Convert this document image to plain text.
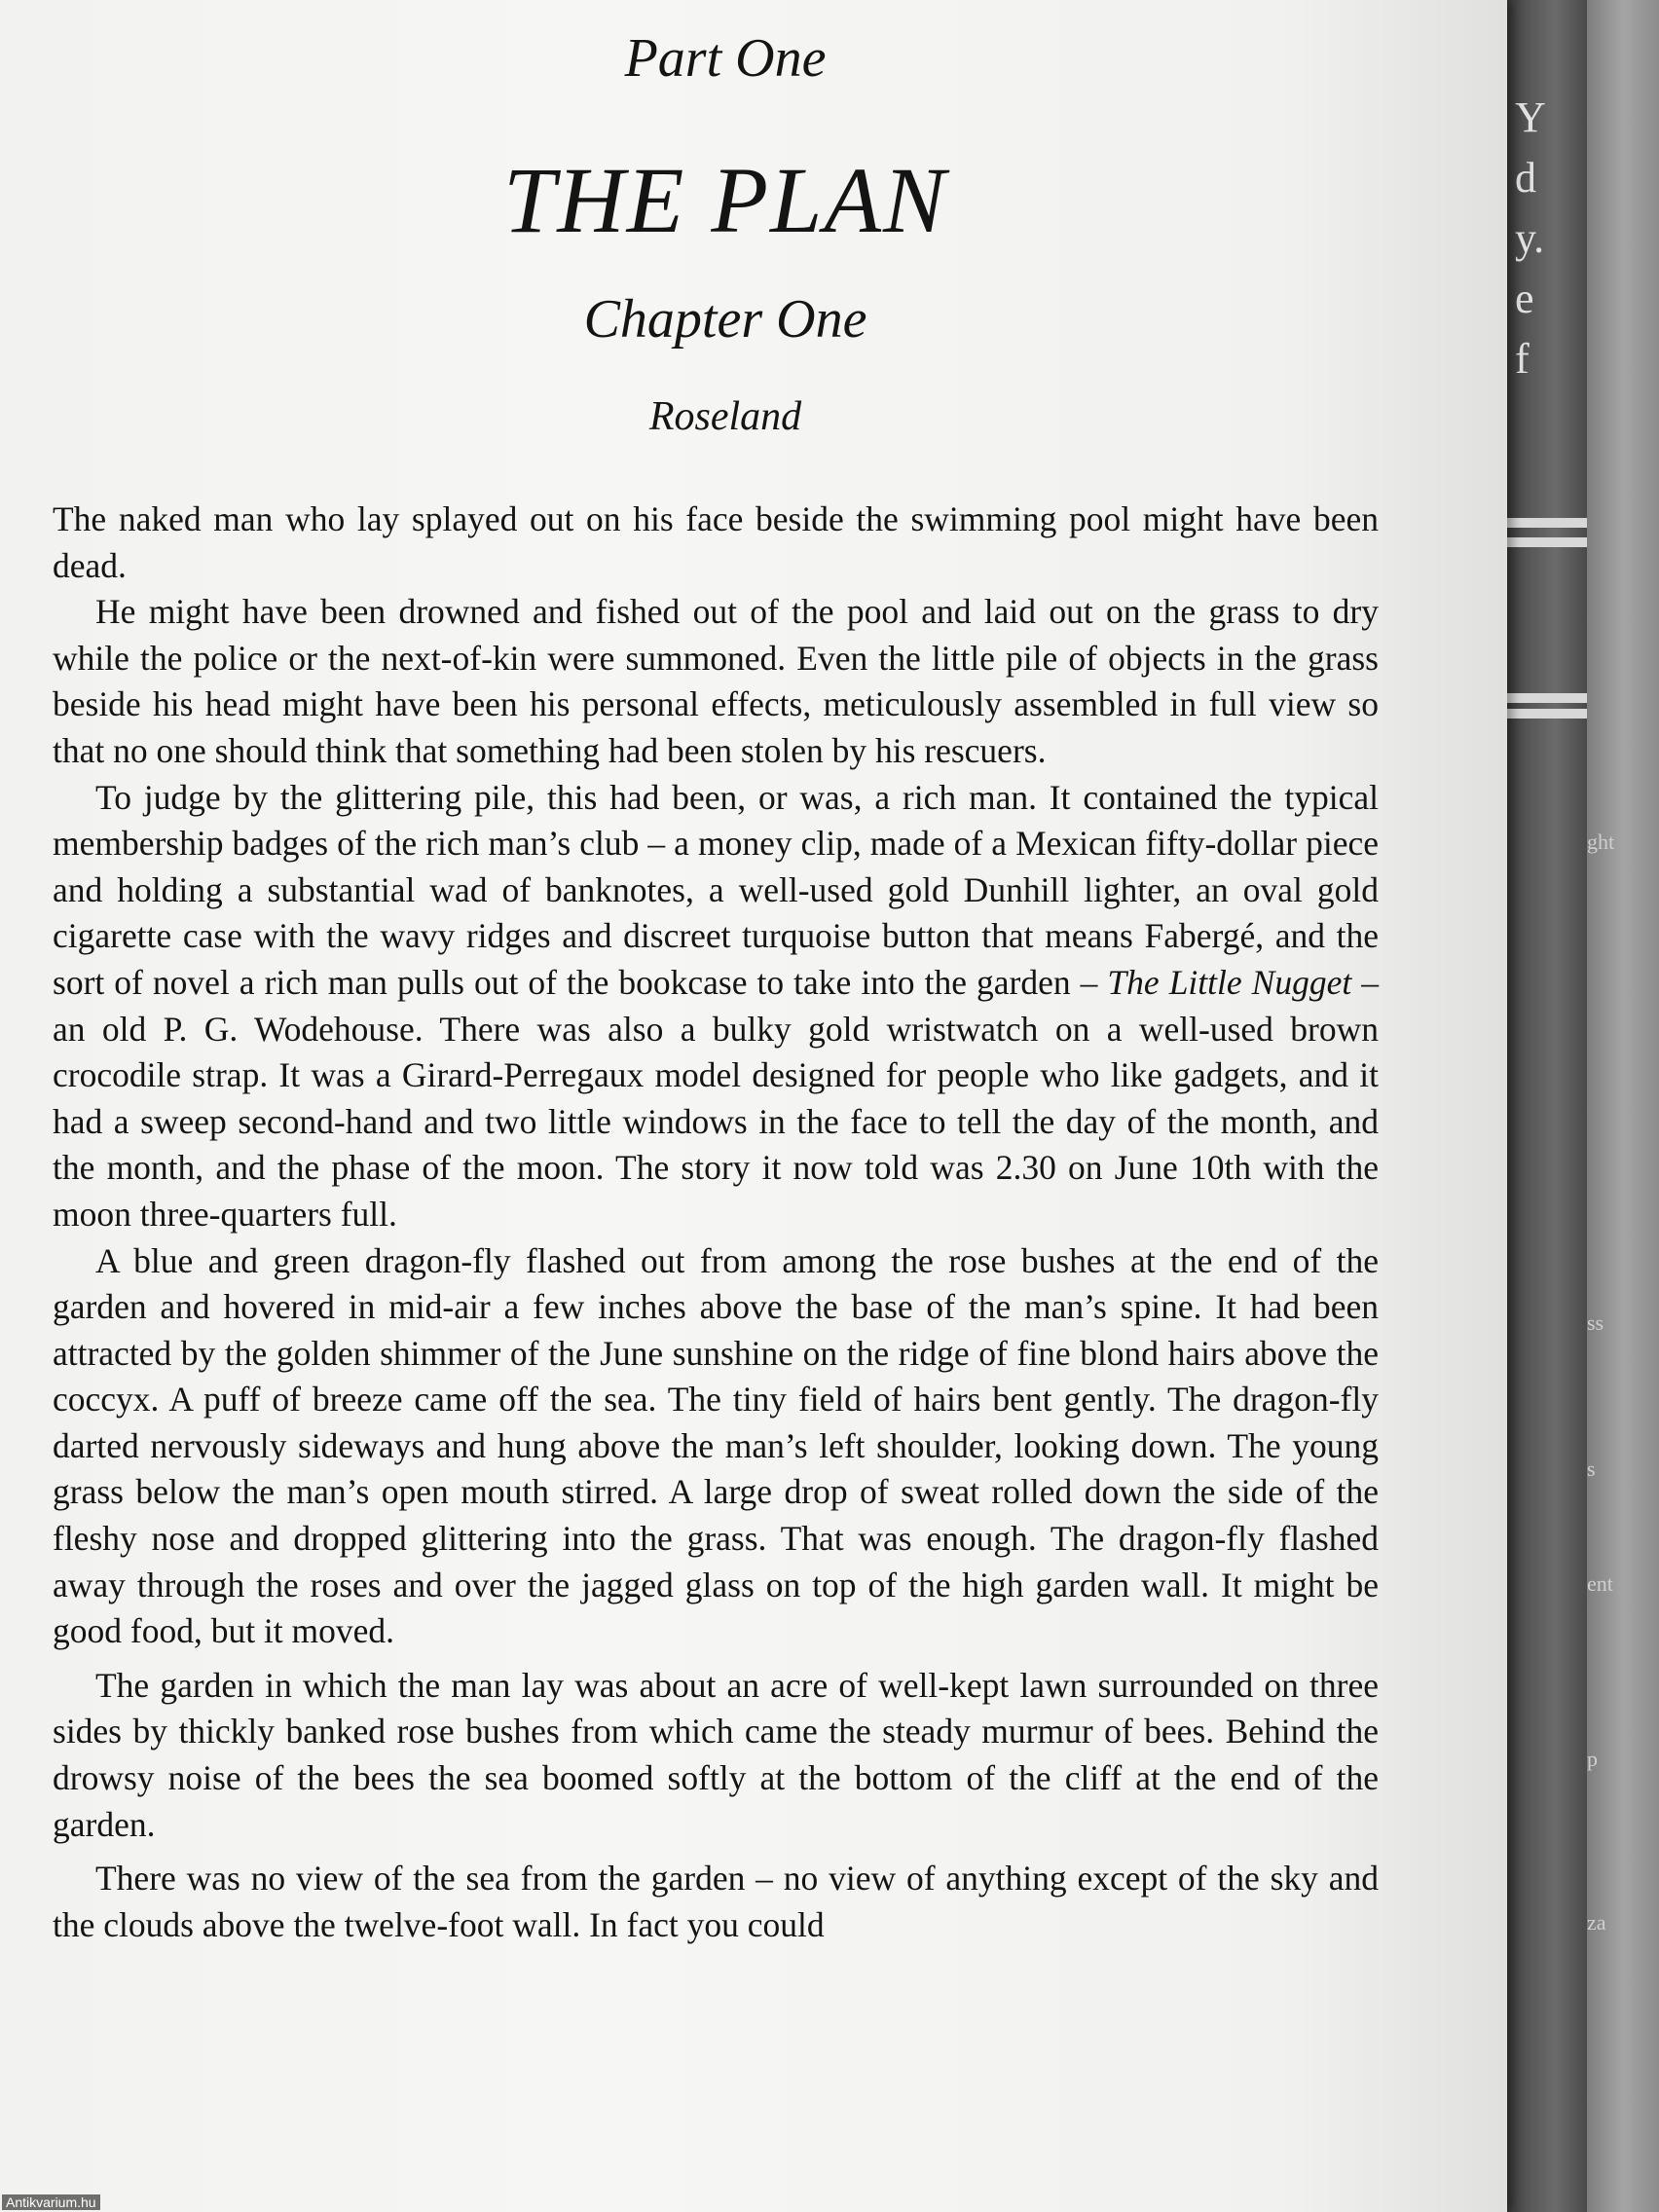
ght
ss
s
ent
p
za
Y
d
y.
e
f
Part One
THE PLAN
Chapter One
Roseland

The naked man who lay splayed out on his face beside the swimming pool might have been dead.

He might have been drowned and fished out of the pool and laid out on the grass to dry while the police or the next-of-kin were summoned. Even the little pile of objects in the grass beside his head might have been his personal effects, meticulously assembled in full view so that no one should think that something had been stolen by his rescuers.

To judge by the glittering pile, this had been, or was, a rich man. It contained the typical membership badges of the rich man’s club – a money clip, made of a Mexican fifty-dollar piece and holding a substantial wad of banknotes, a well-used gold Dunhill lighter, an oval gold cigarette case with the wavy ridges and discreet turquoise button that means Fabergé, and the sort of novel a rich man pulls out of the bookcase to take into the garden – The Little Nugget – an old P. G. Wodehouse. There was also a bulky gold wristwatch on a well-used brown crocodile strap. It was a Girard-Perregaux model designed for people who like gadgets, and it had a sweep second-hand and two little windows in the face to tell the day of the month, and the month, and the phase of the moon. The story it now told was 2.30 on June 10th with the moon three-quarters full.

A blue and green dragon-fly flashed out from among the rose bushes at the end of the garden and hovered in mid-air a few inches above the base of the man’s spine. It had been attracted by the golden shimmer of the June sunshine on the ridge of fine blond hairs above the coccyx. A puff of breeze came off the sea. The tiny field of hairs bent gently. The dragon-fly darted nervously sideways and hung above the man’s left shoulder, looking down. The young grass below the man’s open mouth stirred. A large drop of sweat rolled down the side of the fleshy nose and dropped glittering into the grass. That was enough. The dragon-fly flashed away through the roses and over the jagged glass on top of the high garden wall. It might be good food, but it moved.

The garden in which the man lay was about an acre of well-kept lawn surrounded on three sides by thickly banked rose bushes from which came the steady murmur of bees. Behind the drowsy noise of the bees the sea boomed softly at the bottom of the cliff at the end of the garden.

There was no view of the sea from the garden – no view of anything except of the sky and the clouds above the twelve-foot wall. In fact you could

Antikvarium.hu
